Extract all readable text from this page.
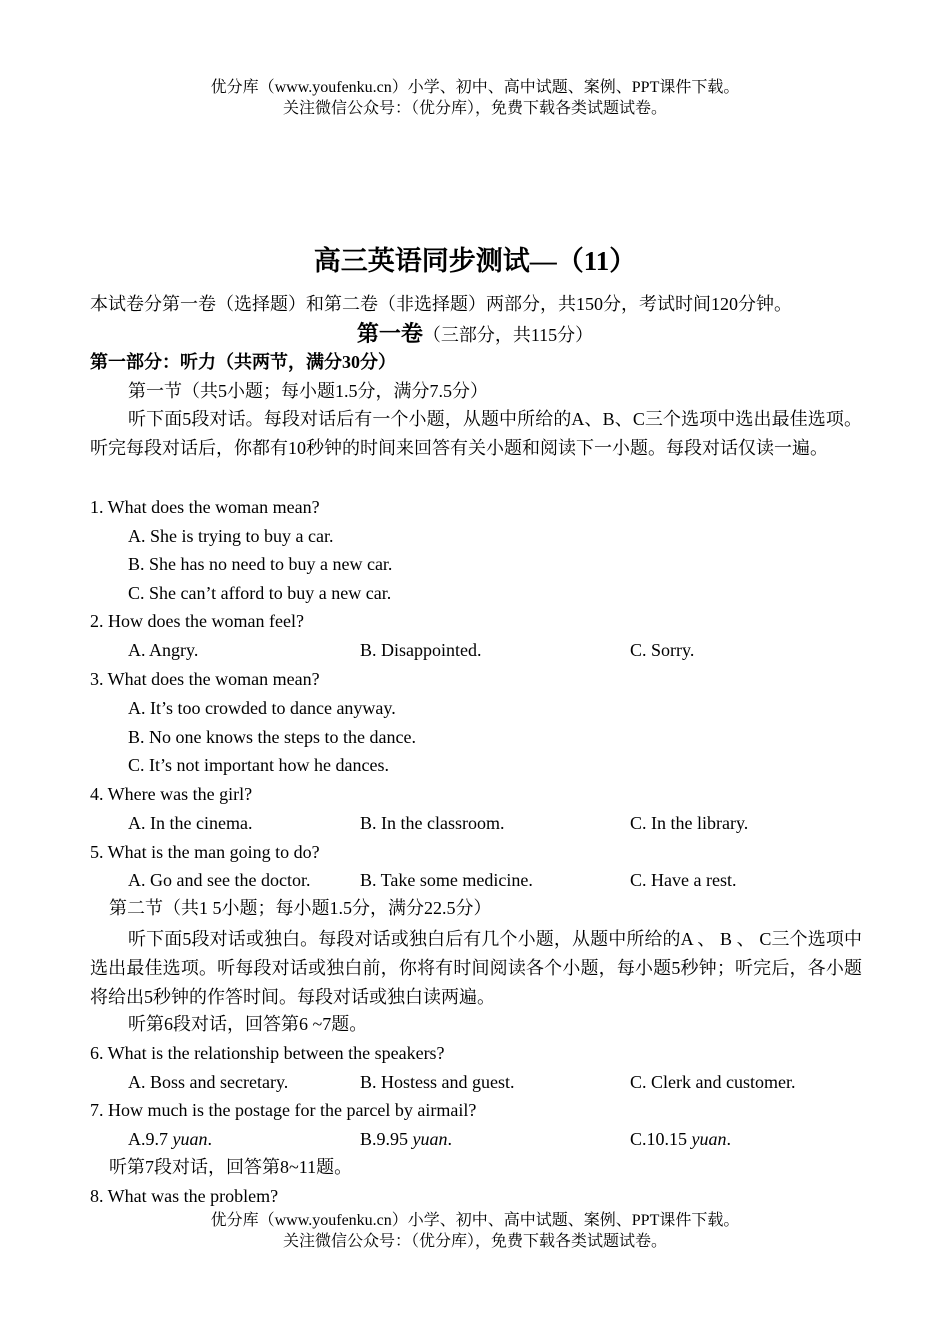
优分库（www.youfenku.cn）小学、初中、高中试题、案例、PPT课件下载。
关注微信公众号：（优分库），免费下载各类试题试卷。
高三英语同步测试—（11）
本试卷分第一卷（选择题）和第二卷（非选择题）两部分，共150分，考试时间120分钟。
第一卷（三部分，共115分）
第一部分：听力（共两节，满分30分）
第一节（共5小题；每小题1.5分，满分7.5分）
听下面5段对话。每段对话后有一个小题，从题中所给的A、B、C三个选项中选出最佳选项。听完每段对话后，你都有10秒钟的时间来回答有关小题和阅读下一小题。每段对话仅读一遍。
1. What does the woman mean?
A. She is trying to buy a car.
B. She has no need to buy a new car.
C. She can’t afford to buy a new car.
2. How does the woman feel?
A. Angry.	B. Disappointed.	C. Sorry.
3. What does the woman mean?
A. It’s too crowded to dance anyway.
B. No one knows the steps to the dance.
C. It’s not important how he dances.
4. Where was the girl?
A. In the cinema.	B. In the classroom.	C. In the library.
5. What is the man going to do?
A. Go and see the doctor.	B. Take some medicine.	C. Have a rest.
第二节（共1 5小题；每小题1.5分，满分22.5分）
听下面5段对话或独白。每段对话或独白后有几个小题，从题中所给的A 、 B 、 C三个选项中选出最佳选项。听每段对话或独白前，你将有时间阅读各个小题，每小题5秒钟；听完后，各小题将给出5秒钟的作答时间。每段对话或独白读两遍。
听第6段对话，回答第6 ~7题。
6. What is the relationship between the speakers?
A. Boss and secretary.	B. Hostess and guest.	C. Clerk and customer.
7. How much is the postage for the parcel by airmail?
A.9.7 yuan.	B.9.95 yuan.	C.10.15 yuan.
听第7段对话，回答第8~11题。
8. What was the problem?
优分库（www.youfenku.cn）小学、初中、高中试题、案例、PPT课件下载。
关注微信公众号：（优分库），免费下载各类试题试卷。
